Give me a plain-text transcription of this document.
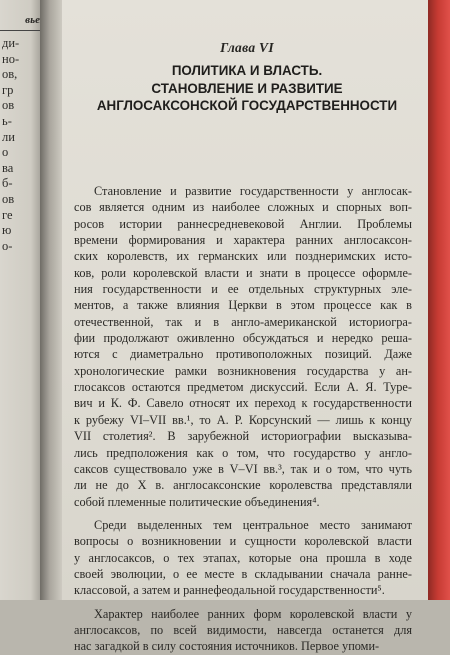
вье
ди-
но-
ов,
гр
ов
ь-
ли
о
ва
б-
ов
ге
ю
о-
Глава VI
ПОЛИТИКА И ВЛАСТЬ.
СТАНОВЛЕНИЕ И РАЗВИТИЕ
АНГЛОСАКСОНСКОЙ ГОСУДАРСТВЕННОСТИ
Становление и развитие государственности у англосак-
сов является одним из наиболее сложных и спорных воп-
росов истории раннесредневековой Англии. Проблемы
времени формирования и характера ранних англосаксон-
ских королевств, их германских или позднеримских исто-
ков, роли королевской власти и знати в процессе оформле-
ния государственности и ее отдельных структурных эле-
ментов, а также влияния Церкви в этом процессе как в
отечественной, так и в англо-американской историогра-
фии продолжают оживленно обсуждаться и нередко реша-
ются с диаметрально противоположных позиций. Даже
хронологические рамки возникновения государства у ан-
глосаксов остаются предметом дискуссий. Если А. Я. Туре-
вич и К. Ф. Савело относят их переход к государственности
к рубежу VI–VII вв.¹, то А. Р. Корсунский — лишь к концу
VII столетия². В зарубежной историографии высказыва-
лись предположения как о том, что государство у англо-
саксов существовало уже в V–VI вв.³, так и о том, что чуть
ли не до X в. англосаксонские королевства представляли
собой племенные политические объединения⁴.
Среди выделенных тем центральное место занимают
вопросы о возникновении и сущности королевской власти
у англосаксов, о тех этапах, которые она прошла в ходе
своей эволюции, о ее месте в складывании сначала ранне-
классовой, а затем и раннефеодальной государственности⁵.
Характер наиболее ранних форм королевской власти у
англосаксов, по всей видимости, навсегда останется для
нас загадкой в силу состояния источников. Первое упоми-
